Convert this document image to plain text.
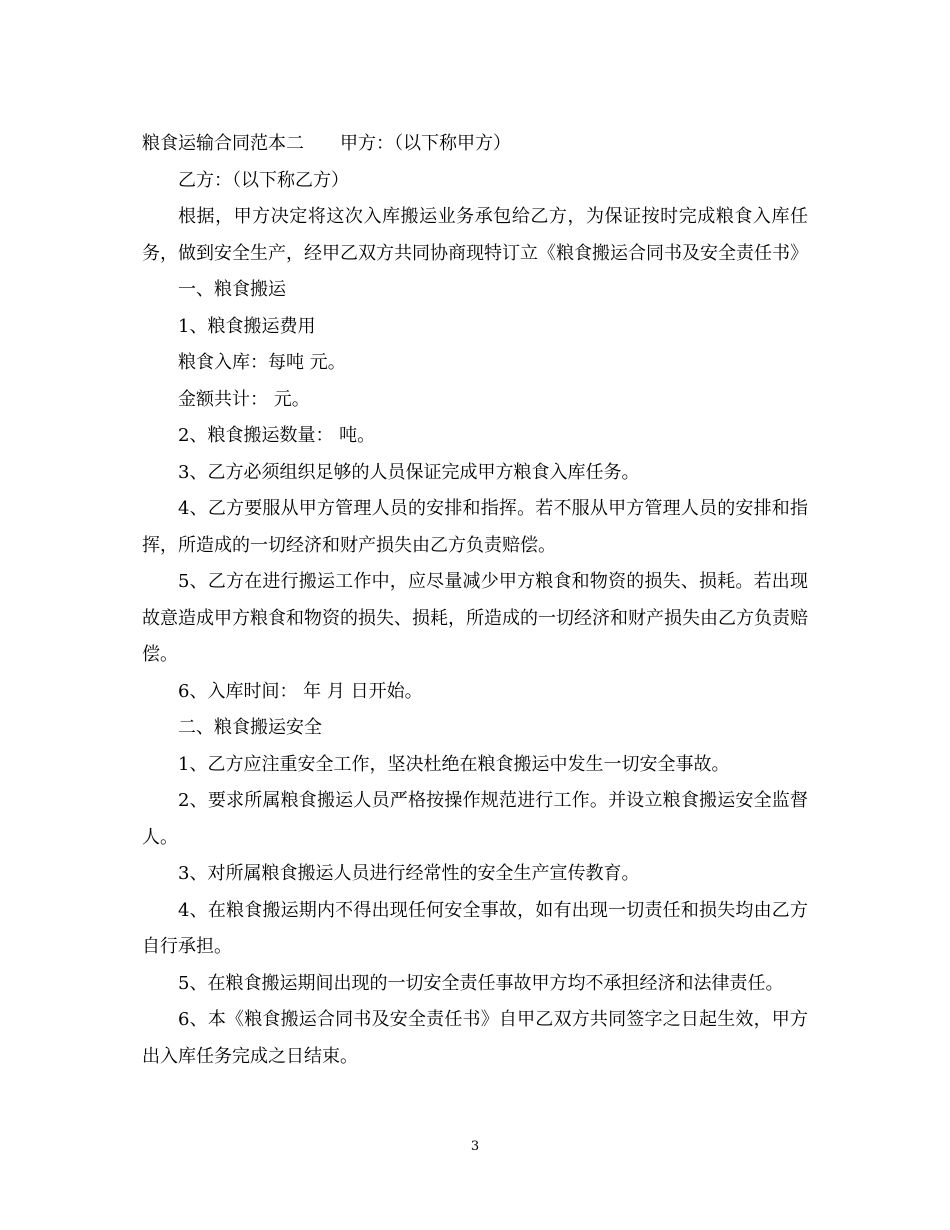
粮食运输合同范本二 甲方：（以下称甲方）

乙方：（以下称乙方）

根据，甲方决定将这次入库搬运业务承包给乙方，为保证按时完成粮食入库任务，做到安全生产，经甲乙双方共同协商现特订立《粮食搬运合同书及安全责任书》

一、粮食搬运

1、粮食搬运费用

粮食入库：每吨 元。

金额共计： 元。

2、粮食搬运数量： 吨。

3、乙方必须组织足够的人员保证完成甲方粮食入库任务。

4、乙方要服从甲方管理人员的安排和指挥。若不服从甲方管理人员的安排和指挥，所造成的一切经济和财产损失由乙方负责赔偿。

5、乙方在进行搬运工作中，应尽量减少甲方粮食和物资的损失、损耗。若出现故意造成甲方粮食和物资的损失、损耗，所造成的一切经济和财产损失由乙方负责赔偿。

6、入库时间： 年 月 日开始。

二、粮食搬运安全

1、乙方应注重安全工作，坚决杜绝在粮食搬运中发生一切安全事故。

2、要求所属粮食搬运人员严格按操作规范进行工作。并设立粮食搬运安全监督人。

3、对所属粮食搬运人员进行经常性的安全生产宣传教育。

4、在粮食搬运期内不得出现任何安全事故，如有出现一切责任和损失均由乙方自行承担。

5、在粮食搬运期间出现的一切安全责任事故甲方均不承担经济和法律责任。

6、本《粮食搬运合同书及安全责任书》自甲乙双方共同签字之日起生效，甲方出入库任务完成之日结束。

3
